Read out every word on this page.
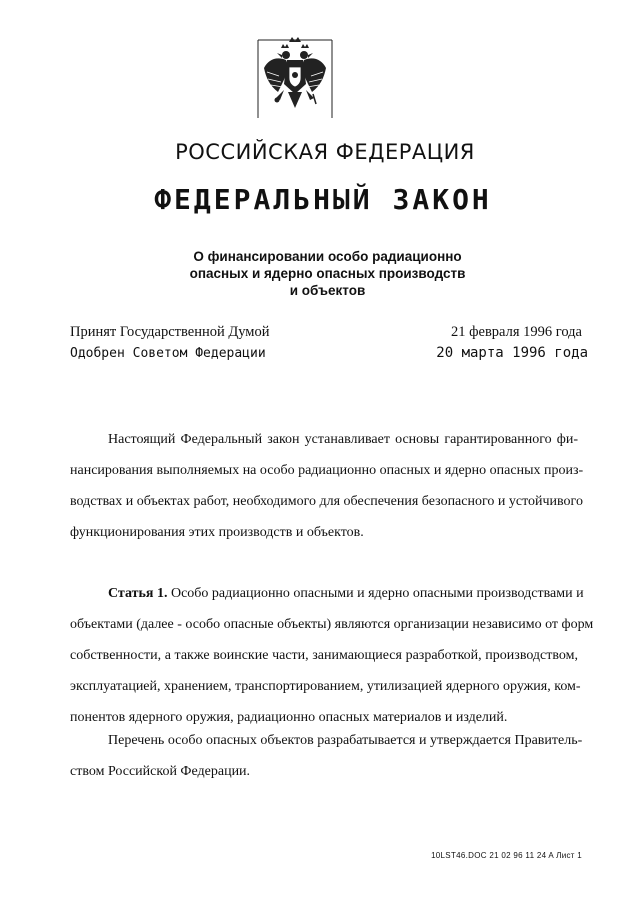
РОССИЙСКАЯ ФЕДЕРАЦИЯ
ФЕДЕРАЛЬНЫЙ ЗАКОН
О финансировании особо радиационно
опасных и ядерно опасных производств
и объектов
Принят Государственной Думой	21 февраля 1996 года
Одобрен Советом Федерации	20 марта 1996 года
Настоящий Федеральный закон устанавливает основы гарантированного фи-
нансирования выполняемых на особо радиационно опасных и ядерно опасных произ-
водствах и объектах работ, необходимого для обеспечения безопасного и устойчивого
функционирования этих производств и объектов.
Статья 1. Особо радиационно опасными и ядерно опасными производствами и
объектами (далее - особо опасные объекты) являются организации независимо от форм
собственности, а также воинские части, занимающиеся разработкой, производством,
эксплуатацией, хранением, транспортированием, утилизацией ядерного оружия, ком-
понентов ядерного оружия, радиационно опасных материалов и изделий.
Перечень особо опасных объектов разрабатывается и утверждается Правитель-
ством Российской Федерации.
10LST46.DOC 21 02 96 11 24 A Лист 1
